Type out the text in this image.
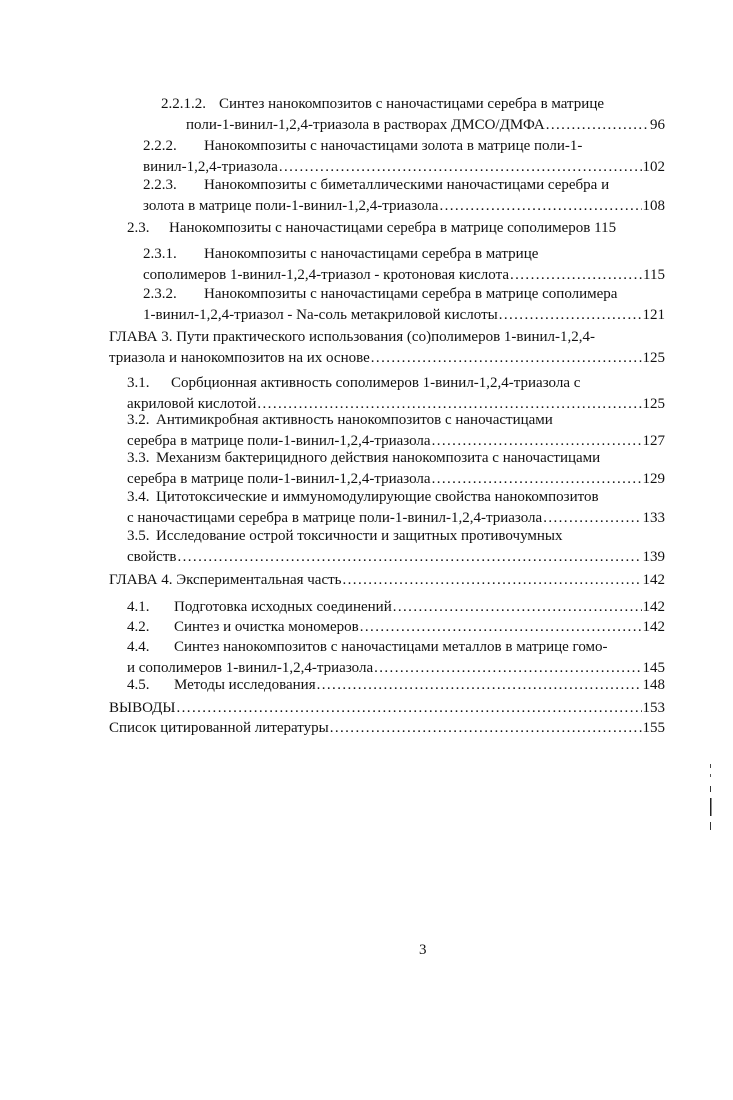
2.2.1.2. Синтез нанокомпозитов с наночастицами серебра в матрице
поли-1-винил-1,2,4-триазола в растворах ДМСО/ДМФА .....	96
2.2.2. Нанокомпозиты с наночастицами золота в матрице поли-1-
винил-1,2,4-триазола .....	102
2.2.3. Нанокомпозиты с биметаллическими наночастицами серебра и
золота в матрице поли-1-винил-1,2,4-триазола .....	108
2.3. Нанокомпозиты с наночастицами серебра в матрице сополимеров 115
2.3.1. Нанокомпозиты с наночастицами серебра в матрице
сополимеров 1-винил-1,2,4-триазол - кротоновая кислота .....	115
2.3.2. Нанокомпозиты с наночастицами серебра в матрице сополимера
1-винил-1,2,4-триазол - Na-соль метакриловой кислоты .....	121
ГЛАВА 3. Пути практического использования (со)полимеров 1-винил-1,2,4-
триазола и нанокомпозитов на их основе .....	125
3.1. Сорбционная активность сополимеров 1-винил-1,2,4-триазола с
акриловой кислотой .....	125
3.2. Антимикробная активность нанокомпозитов с наночастицами
серебра в матрице поли-1-винил-1,2,4-триазола .....	127
3.3. Механизм бактерицидного действия нанокомпозита с наночастицами
серебра в матрице поли-1-винил-1,2,4-триазола .....	129
3.4. Цитотоксические и иммуномодулирующие свойства нанокомпозитов
с наночастицами серебра в матрице поли-1-винил-1,2,4-триазола .....	133
3.5. Исследование острой токсичности и защитных противочумных
свойств .....	139
ГЛАВА 4. Экспериментальная часть .....	142
4.1. Подготовка исходных соединений .....	142
4.2. Синтез и очистка мономеров .....	142
4.4. Синтез нанокомпозитов с наночастицами металлов в матрице гомо-
и сополимеров 1-винил-1,2,4-триазола .....	145
4.5. Методы исследования .....	148
ВЫВОДЫ .....	153
Список цитированной литературы .....	155
3
